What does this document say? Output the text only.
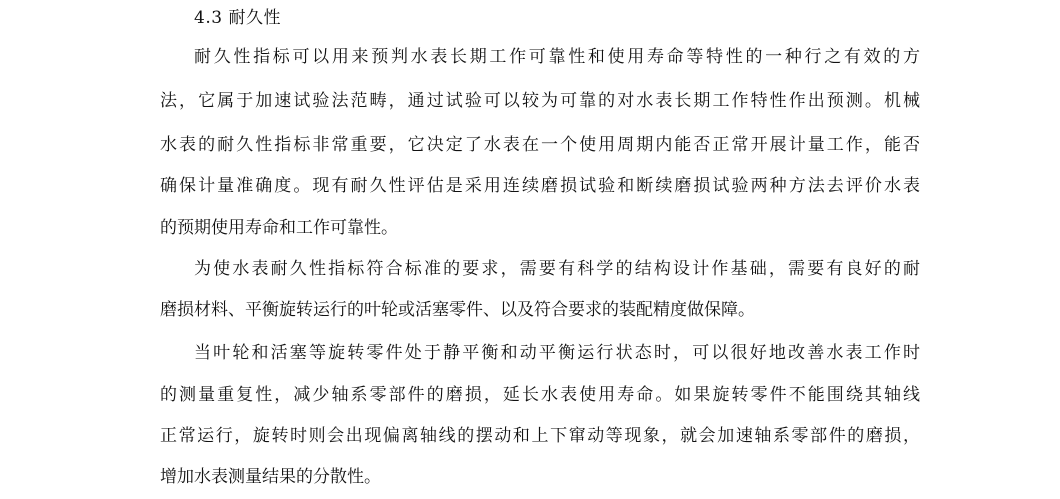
4.3 耐久性
耐久性指标可以用来预判水表长期工作可靠性和使用寿命等特性的一种行之有效的方
法，它属于加速试验法范畴，通过试验可以较为可靠的对水表长期工作特性作出预测。机械
水表的耐久性指标非常重要，它决定了水表在一个使用周期内能否正常开展计量工作，能否
确保计量准确度。现有耐久性评估是采用连续磨损试验和断续磨损试验两种方法去评价水表
的预期使用寿命和工作可靠性。
为使水表耐久性指标符合标准的要求，需要有科学的结构设计作基础，需要有良好的耐
磨损材料、平衡旋转运行的叶轮或活塞零件、以及符合要求的装配精度做保障。
当叶轮和活塞等旋转零件处于静平衡和动平衡运行状态时，可以很好地改善水表工作时
的测量重复性，减少轴系零部件的磨损，延长水表使用寿命。如果旋转零件不能围绕其轴线
正常运行，旋转时则会出现偏离轴线的摆动和上下窜动等现象，就会加速轴系零部件的磨损，
增加水表测量结果的分散性。
